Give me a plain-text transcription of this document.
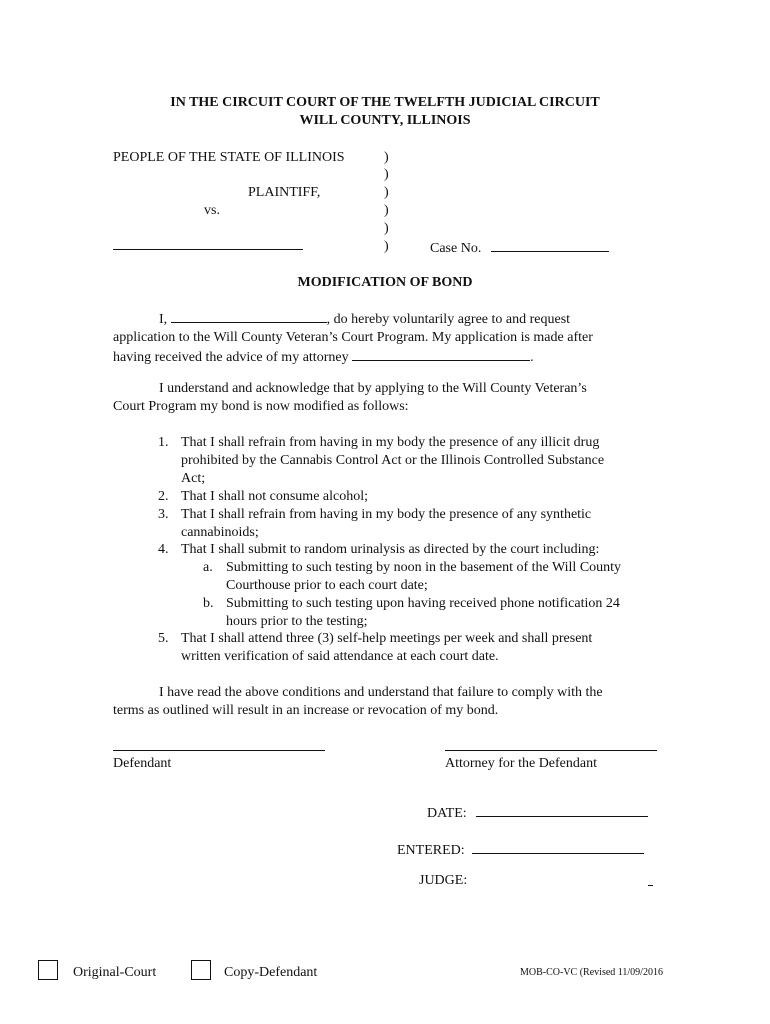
IN THE CIRCUIT COURT OF THE TWELFTH JUDICIAL CIRCUIT
WILL COUNTY, ILLINOIS
PEOPLE OF THE STATE OF ILLINOIS
PLAINTIFF,
vs.
)
)
)
)
)
)	Case No.
MODIFICATION OF BOND
I,	, do hereby voluntarily agree to and request
application to the Will County Veteran’s Court Program. My application is made after
having received the advice of my attorney	.
I understand and acknowledge that by applying to the Will County Veteran’s
Court Program my bond is now modified as follows:
1. That I shall refrain from having in my body the presence of any illicit drug
prohibited by the Cannabis Control Act or the Illinois Controlled Substance
Act;
2. That I shall not consume alcohol;
3. That I shall refrain from having in my body the presence of any synthetic
cannabinoids;
4. That I shall submit to random urinalysis as directed by the court including:
a. Submitting to such testing by noon in the basement of the Will County
Courthouse prior to each court date;
b. Submitting to such testing upon having received phone notification 24
hours prior to the testing;
5. That I shall attend three (3) self-help meetings per week and shall present
written verification of said attendance at each court date.
I have read the above conditions and understand that failure to comply with the
terms as outlined will result in an increase or revocation of my bond.
Defendant	Attorney for the Defendant
DATE:
ENTERED:
JUDGE:
Original-Court	Copy-Defendant	MOB-CO-VC (Revised 11/09/2016
